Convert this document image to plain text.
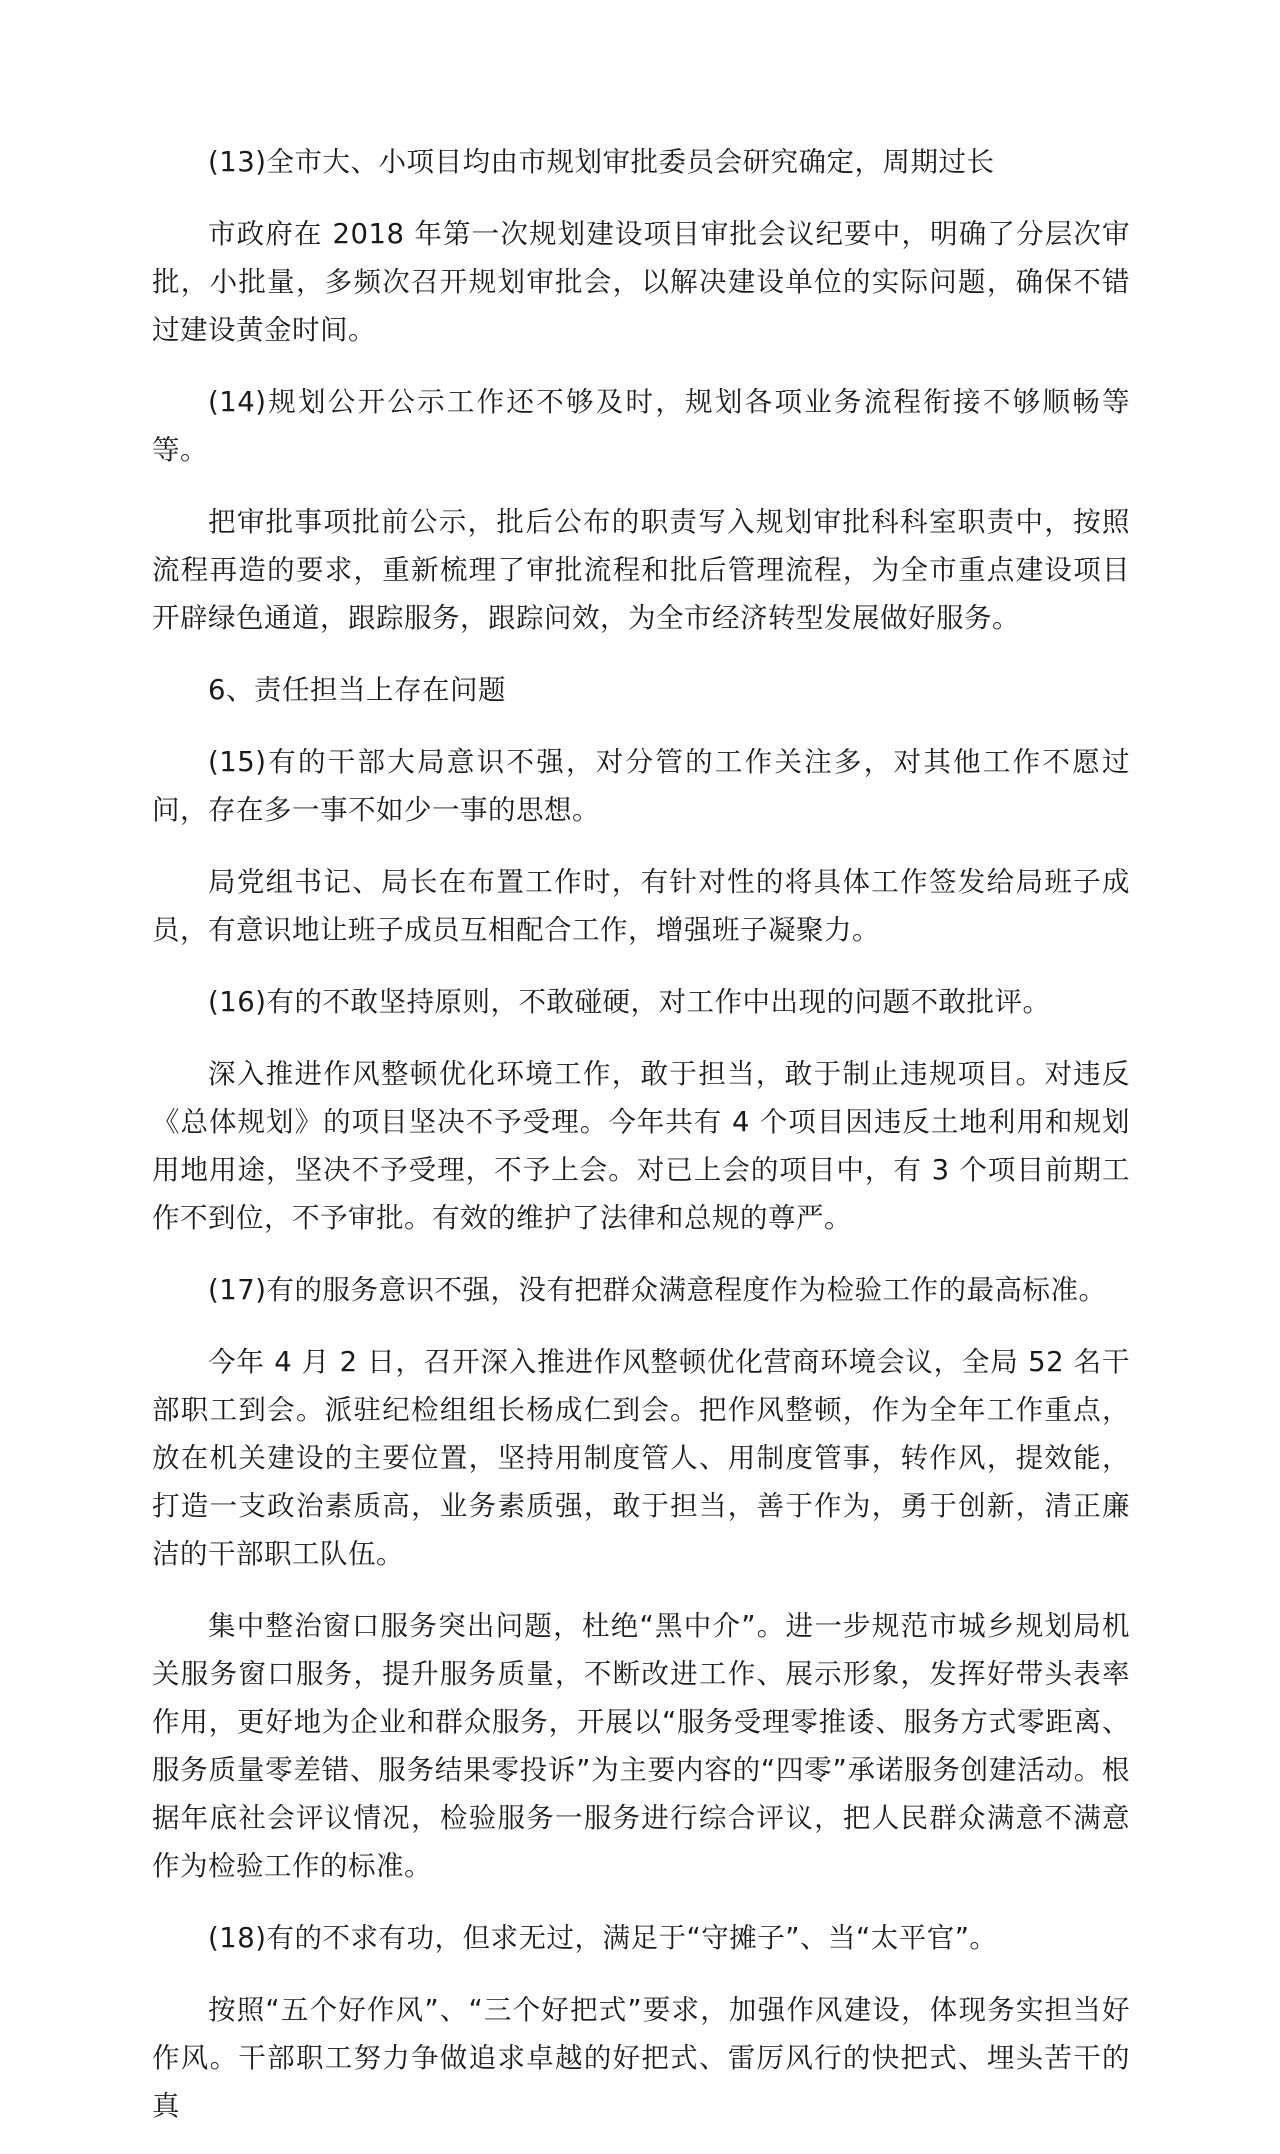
(13)全市大、小项目均由市规划审批委员会研究确定，周期过长

市政府在 2018 年第一次规划建设项目审批会议纪要中，明确了分层次审批，小批量，多频次召开规划审批会，以解决建设单位的实际问题，确保不错过建设黄金时间。

(14)规划公开公示工作还不够及时，规划各项业务流程衔接不够顺畅等等。

把审批事项批前公示，批后公布的职责写入规划审批科科室职责中，按照流程再造的要求，重新梳理了审批流程和批后管理流程，为全市重点建设项目开辟绿色通道，跟踪服务，跟踪问效，为全市经济转型发展做好服务。

6、责任担当上存在问题

(15)有的干部大局意识不强，对分管的工作关注多，对其他工作不愿过问，存在多一事不如少一事的思想。

局党组书记、局长在布置工作时，有针对性的将具体工作签发给局班子成员，有意识地让班子成员互相配合工作，增强班子凝聚力。

(16)有的不敢坚持原则，不敢碰硬，对工作中出现的问题不敢批评。

深入推进作风整顿优化环境工作，敢于担当，敢于制止违规项目。对违反《总体规划》的项目坚决不予受理。今年共有 4 个项目因违反土地利用和规划用地用途，坚决不予受理，不予上会。对已上会的项目中，有 3 个项目前期工作不到位，不予审批。有效的维护了法律和总规的尊严。

(17)有的服务意识不强，没有把群众满意程度作为检验工作的最高标准。

今年 4 月 2 日，召开深入推进作风整顿优化营商环境会议，全局 52 名干部职工到会。派驻纪检组组长杨成仁到会。把作风整顿，作为全年工作重点，放在机关建设的主要位置，坚持用制度管人、用制度管事，转作风，提效能，打造一支政治素质高，业务素质强，敢于担当，善于作为，勇于创新，清正廉洁的干部职工队伍。

集中整治窗口服务突出问题，杜绝“黑中介”。进一步规范市城乡规划局机关服务窗口服务，提升服务质量，不断改进工作、展示形象，发挥好带头表率作用，更好地为企业和群众服务，开展以“服务受理零推诿、服务方式零距离、服务质量零差错、服务结果零投诉”为主要内容的“四零”承诺服务创建活动。根据年底社会评议情况，检验服务一服务进行综合评议，把人民群众满意不满意作为检验工作的标准。

(18)有的不求有功，但求无过，满足于“守摊子”、当“太平官”。

按照“五个好作风”、“三个好把式”要求，加强作风建设，体现务实担当好作风。干部职工努力争做追求卓越的好把式、雷厉风行的快把式、埋头苦干的真
